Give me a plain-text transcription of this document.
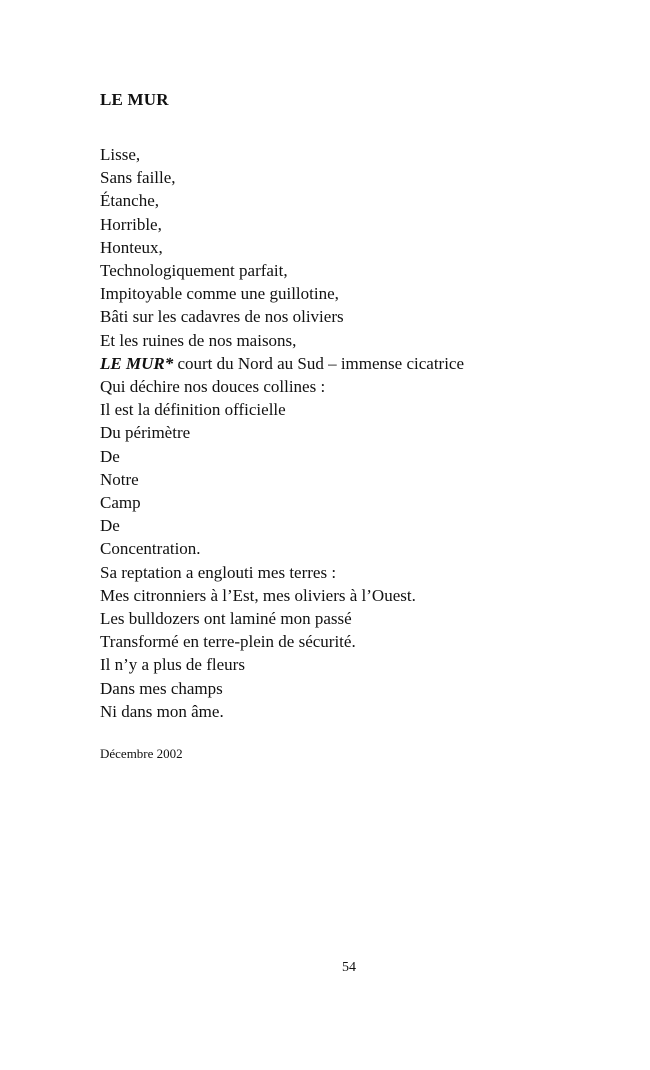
LE MUR
Lisse,
Sans faille,
Étanche,
Horrible,
Honteux,
Technologiquement parfait,
Impitoyable comme une guillotine,
Bâti sur les cadavres de nos oliviers
Et les ruines de nos maisons,
LE MUR* court du Nord au Sud – immense cicatrice
Qui déchire nos douces collines :
Il est la définition officielle
Du périmètre
De
Notre
Camp
De
Concentration.
Sa reptation a englouti mes terres :
Mes citronniers à l’Est, mes oliviers à l’Ouest.
Les bulldozers ont laminé mon passé
Transformé en terre-plein de sécurité.
Il n’y a plus de fleurs
Dans mes champs
Ni dans mon âme.
Décembre 2002
54
